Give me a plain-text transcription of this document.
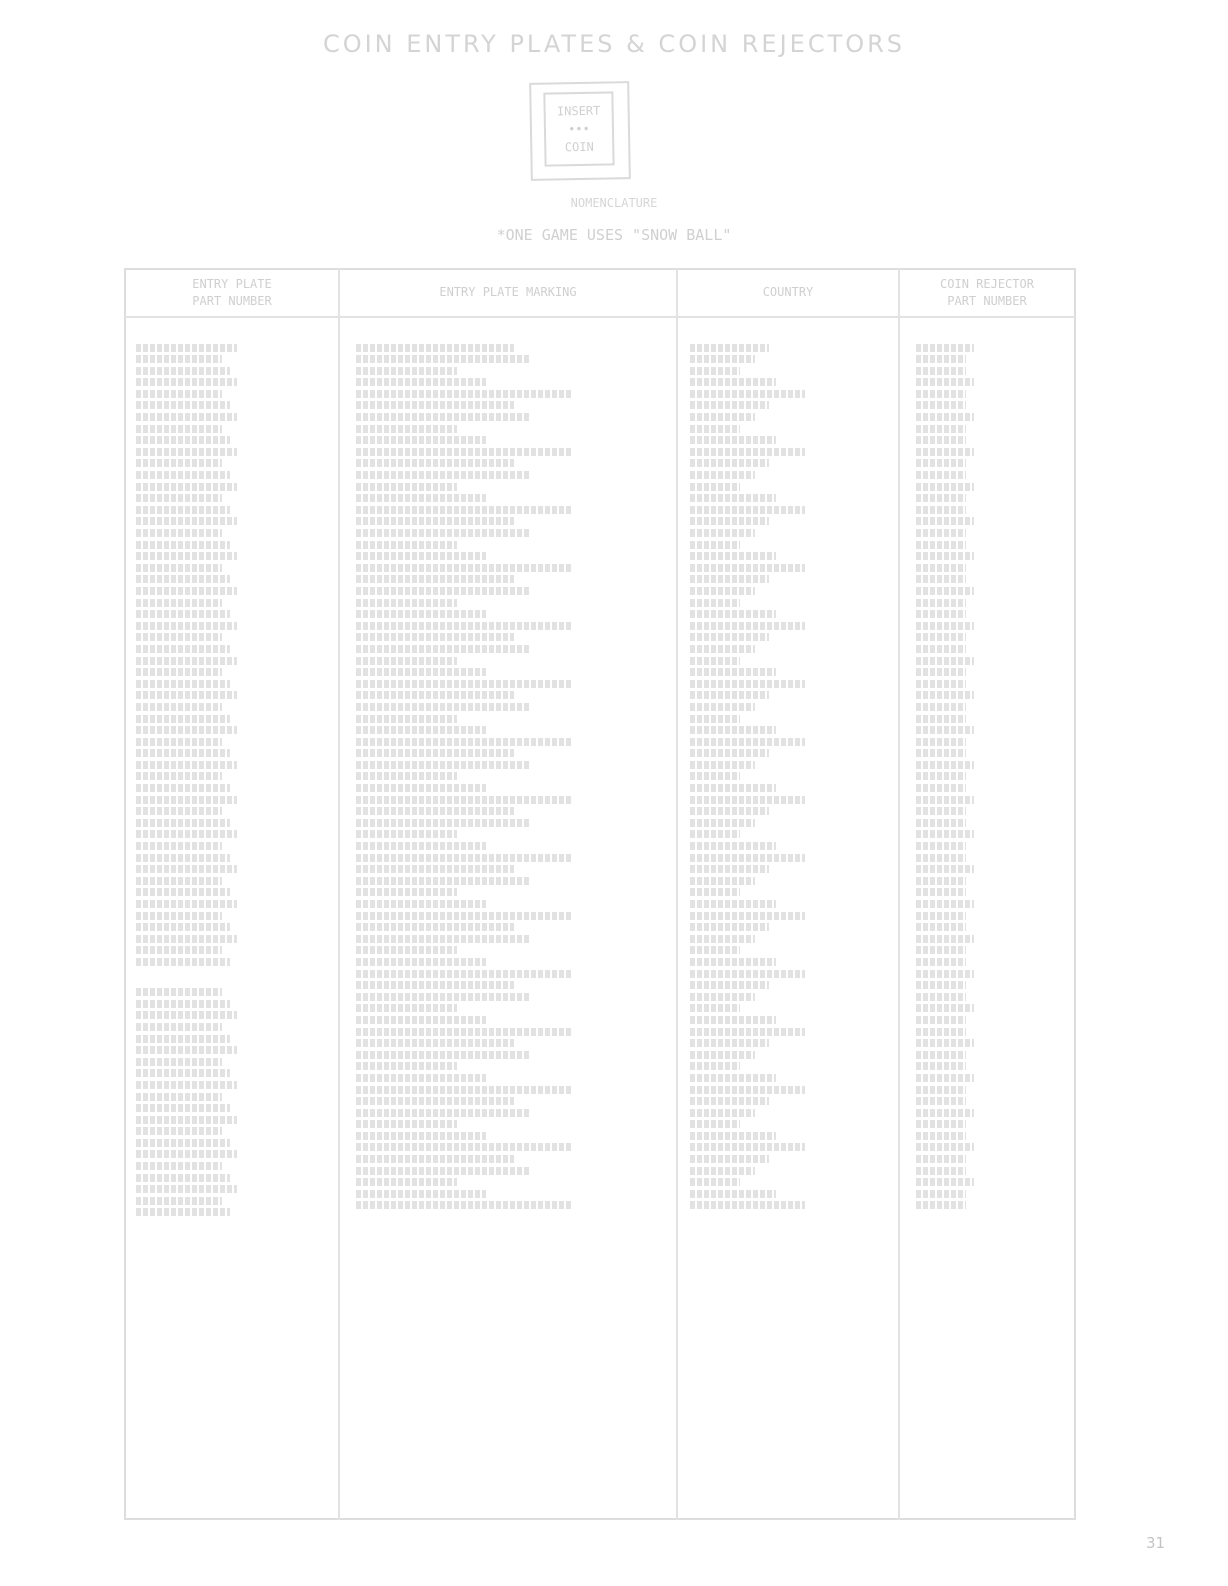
COIN ENTRY PLATES & COIN REJECTORS
INSERT
•••
COIN
NOMENCLATURE
*ONE GAME USES "SNOW BALL"
ENTRY PLATE
PART NUMBER
ENTRY PLATE MARKING	COUNTRY
COIN REJECTOR
PART NUMBER
31
